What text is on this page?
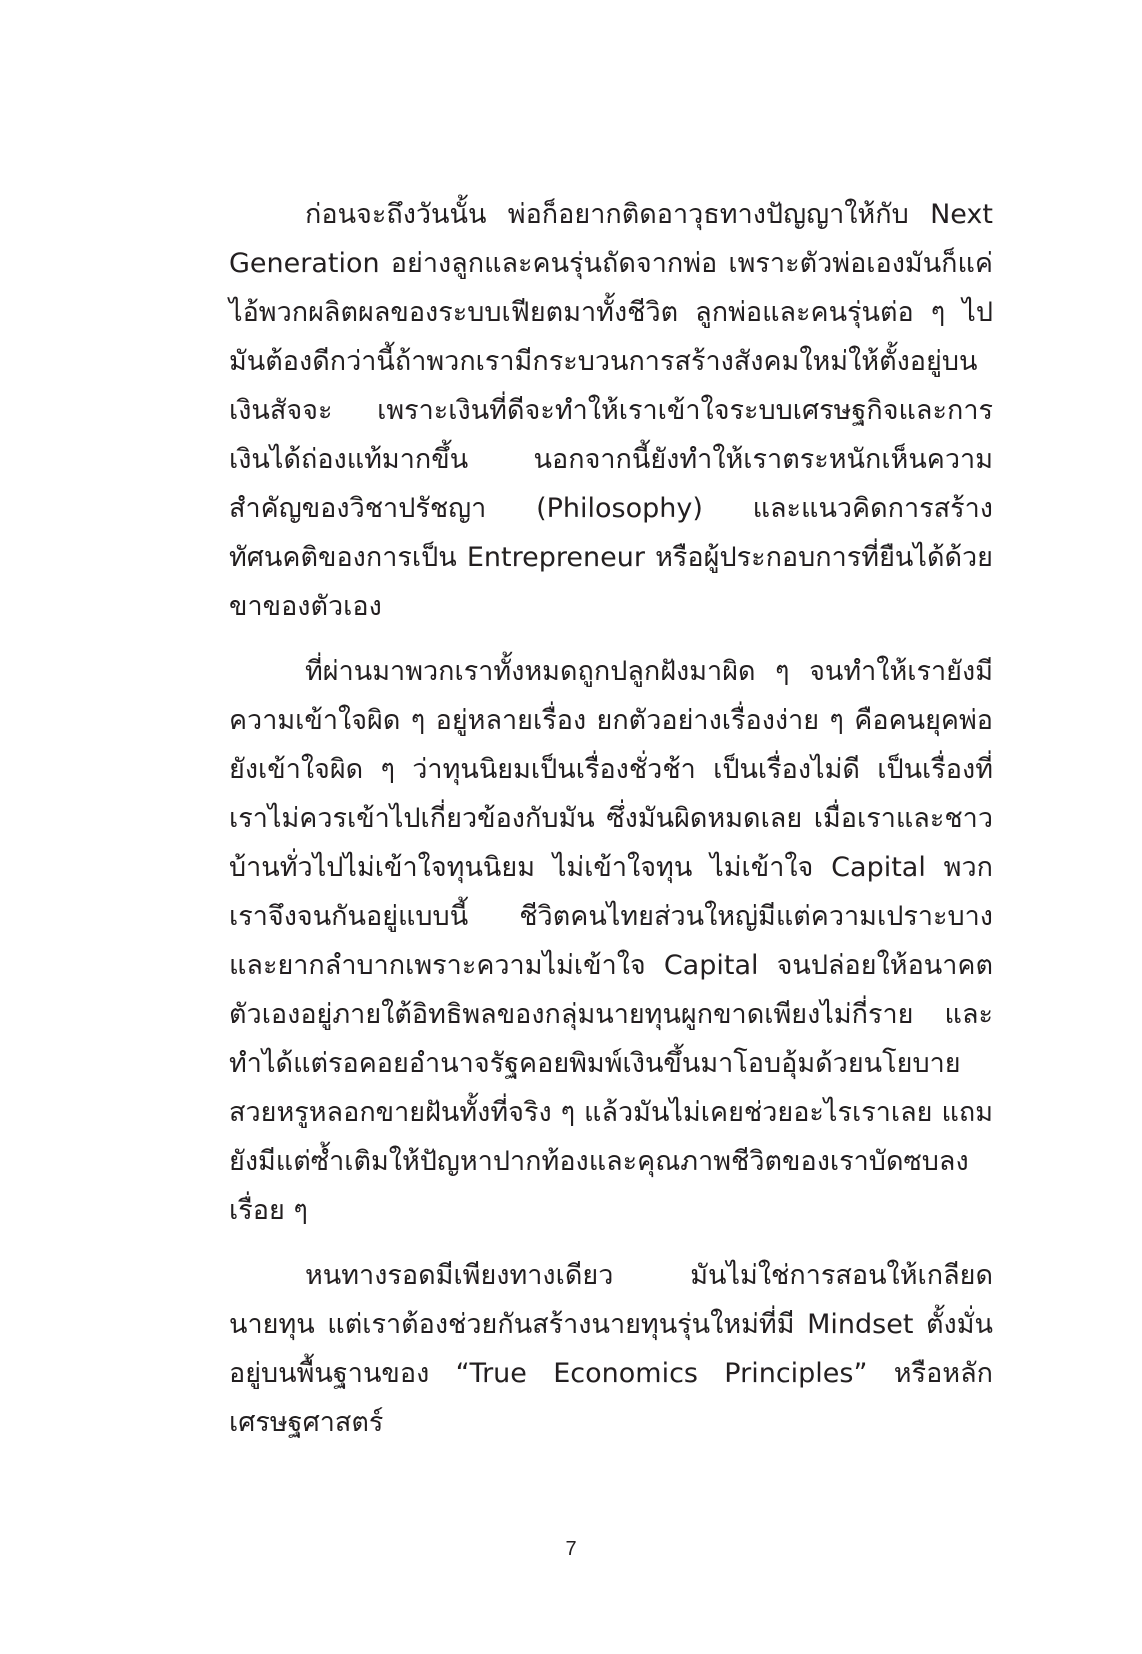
ก่อนจะถึงวันนั้น พ่อก็อยากติดอาวุธทางปัญญาให้กับ Next Generation อย่างลูกและคนรุ่นถัดจากพ่อ เพราะตัวพ่อเองมันก็แค่ไอ้พวกผลิตผลของระบบเฟียตมาทั้งชีวิต ลูกพ่อและคนรุ่นต่อ ๆ ไปมันต้องดีกว่านี้ถ้าพวกเรามีกระบวนการสร้างสังคมใหม่ให้ตั้งอยู่บนเงินสัจจะ เพราะเงินที่ดีจะทำให้เราเข้าใจระบบเศรษฐกิจและการเงินได้ถ่องแท้มากขึ้น นอกจากนี้ยังทำให้เราตระหนักเห็นความสำคัญของวิชาปรัชญา (Philosophy) และแนวคิดการสร้างทัศนคติของการเป็น Entrepreneur หรือผู้ประกอบการที่ยืนได้ด้วยขาของตัวเอง

ที่ผ่านมาพวกเราทั้งหมดถูกปลูกฝังมาผิด ๆ จนทำให้เรายังมีความเข้าใจผิด ๆ อยู่หลายเรื่อง ยกตัวอย่างเรื่องง่าย ๆ คือคนยุคพ่อยังเข้าใจผิด ๆ ว่าทุนนิยมเป็นเรื่องชั่วช้า เป็นเรื่องไม่ดี เป็นเรื่องที่เราไม่ควรเข้าไปเกี่ยวข้องกับมัน ซึ่งมันผิดหมดเลย เมื่อเราและชาวบ้านทั่วไปไม่เข้าใจทุนนิยม ไม่เข้าใจทุน ไม่เข้าใจ Capital พวกเราจึงจนกันอยู่แบบนี้ ชีวิตคนไทยส่วนใหญ่มีแต่ความเปราะบางและยากลำบากเพราะความไม่เข้าใจ Capital จนปล่อยให้อนาคตตัวเองอยู่ภายใต้อิทธิพลของกลุ่มนายทุนผูกขาดเพียงไม่กี่ราย และทำได้แต่รอคอยอำนาจรัฐคอยพิมพ์เงินขึ้นมาโอบอุ้มด้วยนโยบายสวยหรูหลอกขายฝันทั้งที่จริง ๆ แล้วมันไม่เคยช่วยอะไรเราเลย แถมยังมีแต่ซ้ำเติมให้ปัญหาปากท้องและคุณภาพชีวิตของเราบัดซบลงเรื่อย ๆ

หนทางรอดมีเพียงทางเดียว มันไม่ใช่การสอนให้เกลียดนายทุน แต่เราต้องช่วยกันสร้างนายทุนรุ่นใหม่ที่มี Mindset ตั้งมั่นอยู่บนพื้นฐานของ “True Economics Principles” หรือหลักเศรษฐศาสตร์

7
